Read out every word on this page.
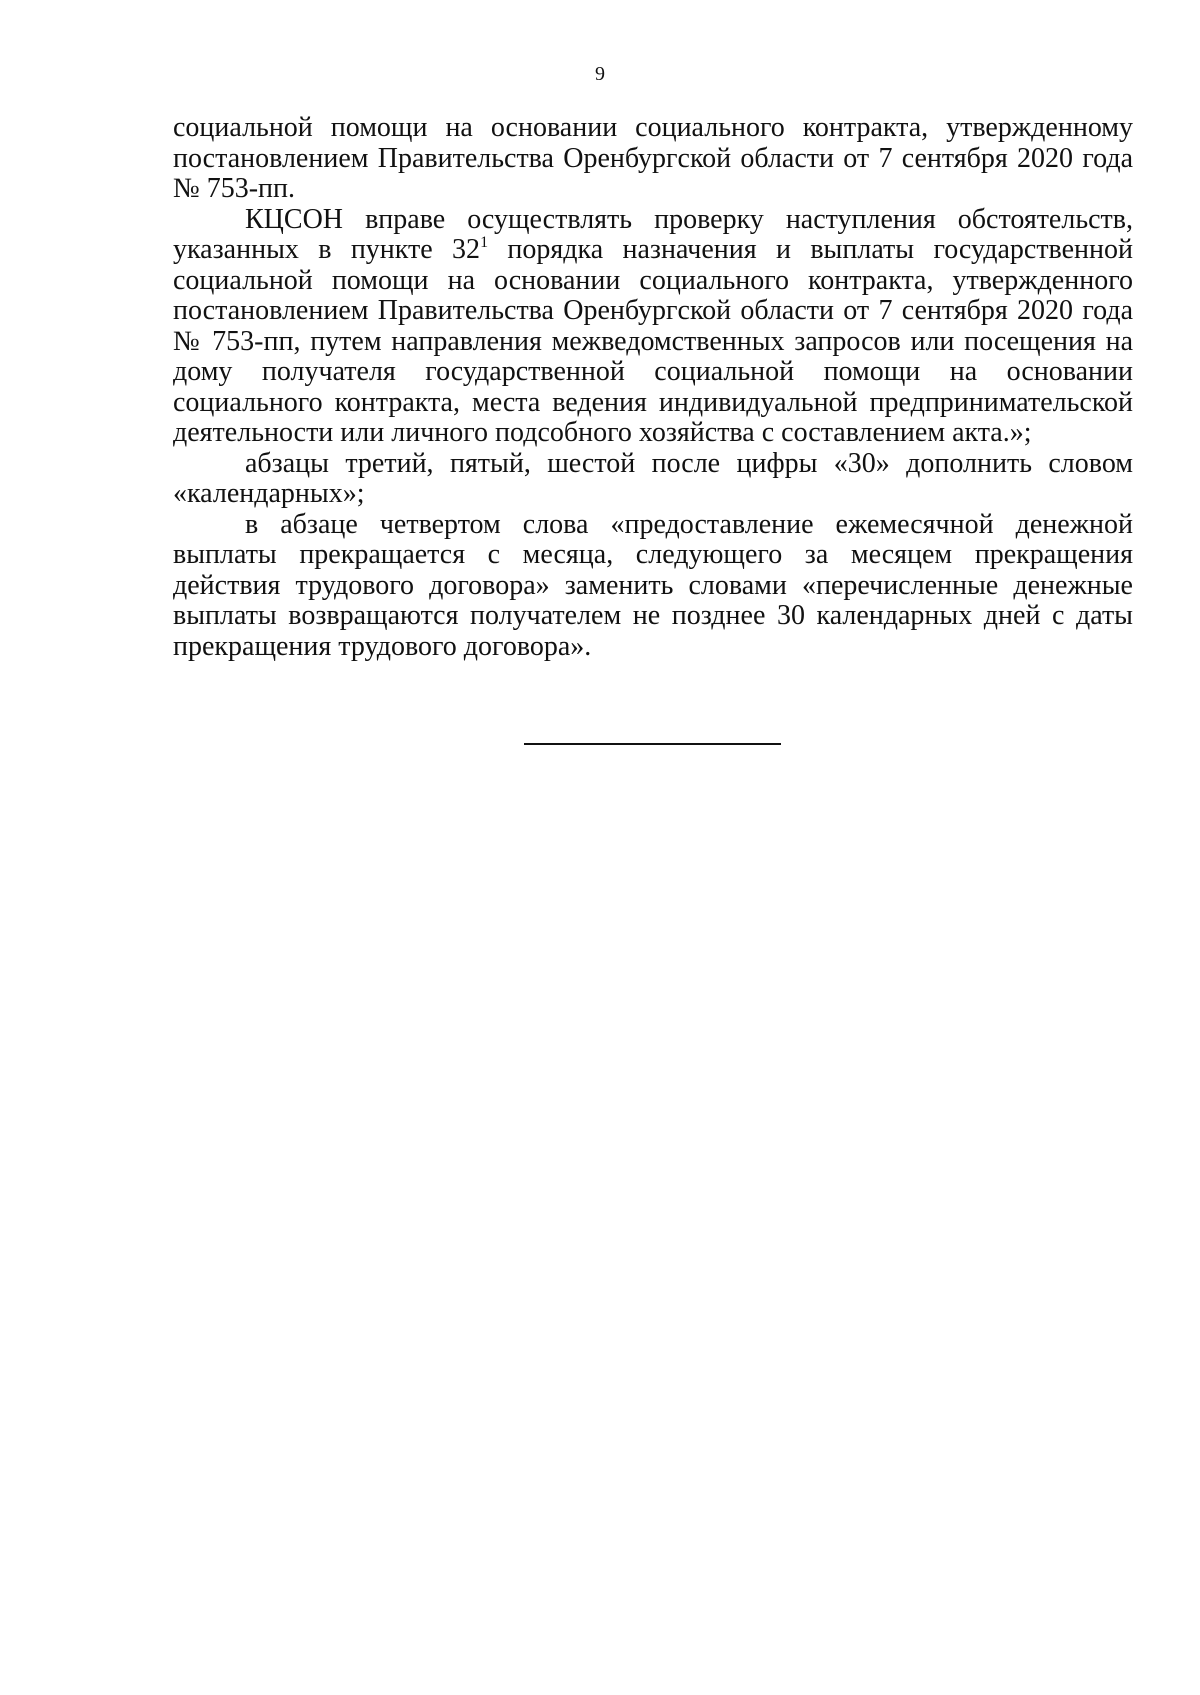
9

социальной помощи на основании социального контракта, утвержденному постановлением Правительства Оренбургской области от 7 сентября 2020 года № 753-пп.

КЦСОН вправе осуществлять проверку наступления обстоятельств, указанных в пункте $32^1$ порядка назначения и выплаты государственной социальной помощи на основании социального контракта, утвержденного постановлением Правительства Оренбургской области от 7 сентября 2020 года № 753-пп, путем направления межведомственных запросов или посещения на дому получателя государственной социальной помощи на основании социального контракта, места ведения индивидуальной предпринимательской деятельности или личного подсобного хозяйства с составлением акта.»;

абзацы третий, пятый, шестой после цифры «30» дополнить словом «календарных»;

в абзаце четвертом слова «предоставление ежемесячной денежной выплаты прекращается с месяца, следующего за месяцем прекращения действия трудового договора» заменить словами «перечисленные денежные выплаты возвращаются получателем не позднее 30 календарных дней с даты прекращения трудового договора».
